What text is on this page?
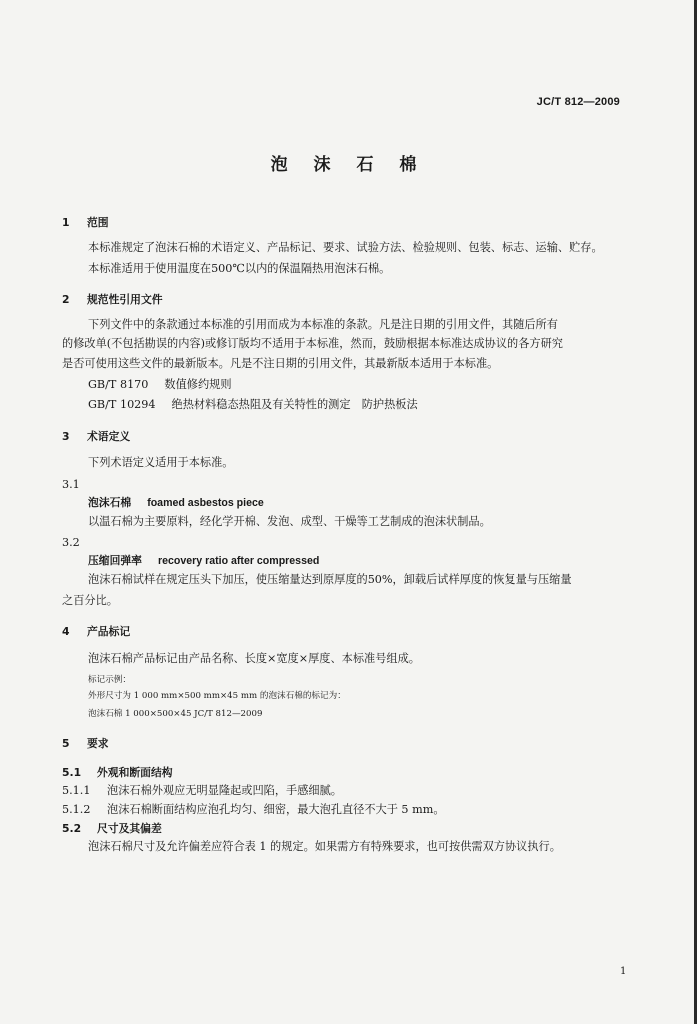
JC/T 812—2009
泡 沫 石 棉
1 范围
本标准规定了泡沫石棉的术语定义、产品标记、要求、试验方法、检验规则、包装、标志、运输、贮存。
本标准适用于使用温度在500℃以内的保温隔热用泡沫石棉。
2 规范性引用文件
下列文件中的条款通过本标准的引用而成为本标准的条款。凡是注日期的引用文件，其随后所有
的修改单(不包括勘误的内容)或修订版均不适用于本标准，然而，鼓励根据本标准达成协议的各方研究
是否可使用这些文件的最新版本。凡是不注日期的引用文件，其最新版本适用于本标准。
GB/T 8170 数值修约规则
GB/T 10294 绝热材料稳态热阻及有关特性的测定　防护热板法
3 术语定义
下列术语定义适用于本标准。
3.1
泡沫石棉 foamed asbestos piece
以温石棉为主要原料，经化学开棉、发泡、成型、干燥等工艺制成的泡沫状制品。
3.2
压缩回弹率 recovery ratio after compressed
泡沫石棉试样在规定压头下加压，使压缩量达到原厚度的50%，卸载后试样厚度的恢复量与压缩量
之百分比。
4 产品标记
泡沫石棉产品标记由产品名称、长度×宽度×厚度、本标准号组成。
标记示例：
外形尺寸为 1 000 mm×500 mm×45 mm 的泡沫石棉的标记为：
泡沫石棉 1 000×500×45 JC/T 812—2009
5 要求
5.1 外观和断面结构
5.1.1 泡沫石棉外观应无明显隆起或凹陷，手感细腻。
5.1.2 泡沫石棉断面结构应泡孔均匀、细密，最大泡孔直径不大于 5 mm。
5.2 尺寸及其偏差
泡沫石棉尺寸及允许偏差应符合表 1 的规定。如果需方有特殊要求，也可按供需双方协议执行。
1
